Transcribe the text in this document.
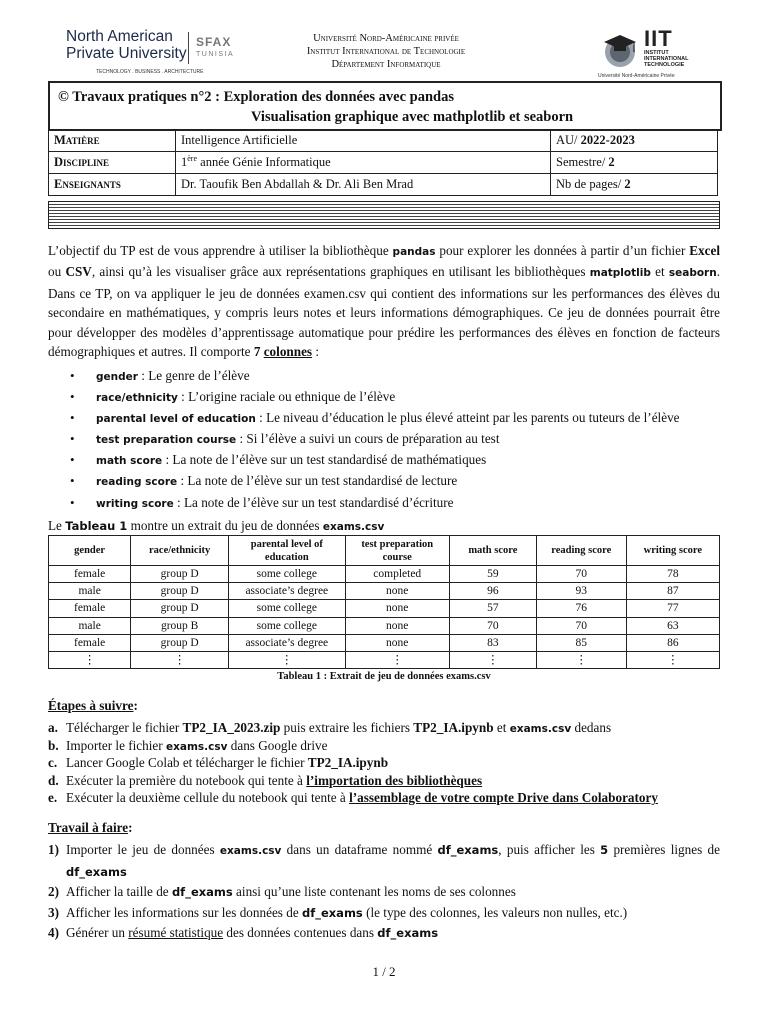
North American
Private University
SFAX
TUNISIA
TECHNOLOGY . BUSINESS . ARCHITECTURE
Université Nord-Américaine privée
Institut International de Technologie
Département Informatique
IIT
INSTITUT
INTERNATIONAL
TECHNOLOGIE
Université Nord-Américaine Privée
© Travaux pratiques n°2 : Exploration des données avec pandas
Visualisation graphique avec mathplotlib et seaborn
Matière	Intelligence Artificielle	AU/ 2022-2023
Discipline	1ère année Génie Informatique	Semestre/ 2
Enseignants	Dr. Taoufik Ben Abdallah & Dr. Ali Ben Mrad	Nb de pages/ 2

L’objectif du TP est de vous apprendre à utiliser la bibliothèque pandas pour explorer les données à partir d’un fichier Excel ou CSV, ainsi qu’à les visualiser grâce aux représentations graphiques en utilisant les bibliothèques matplotlib et seaborn. Dans ce TP, on va appliquer le jeu de données examen.csv qui contient des informations sur les performances des élèves du secondaire en mathématiques, y compris leurs notes et leurs informations démographiques. Ce jeu de données pourrait être pour développer des modèles d’apprentissage automatique pour prédire les performances des élèves en fonction de facteurs démographiques et autres. Il comporte 7 colonnes :

• gender : Le genre de l’élève
• race/ethnicity : L’origine raciale ou ethnique de l’élève
• parental level of education : Le niveau d’éducation le plus élevé atteint par les parents ou tuteurs de l’élève
• test preparation course : Si l’élève a suivi un cours de préparation au test
• math score : La note de l’élève sur un test standardisé de mathématiques
• reading score : La note de l’élève sur un test standardisé de lecture
• writing score : La note de l’élève sur un test standardisé d’écriture
Le Tableau 1 montre un extrait du jeu de données exams.csv
gender	race/ethnicity	parental level of education	test preparation course	math score	reading score	writing score
female	group D	some college	completed	59	70	78
male	group D	associate’s degree	none	96	93	87
female	group D	some college	none	57	76	77
male	group B	some college	none	70	70	63
female	group D	associate’s degree	none	83	85	86
⋮	⋮	⋮	⋮	⋮	⋮	⋮
Tableau 1 : Extrait de jeu de données exams.csv
Étapes à suivre:
a. Télécharger le fichier TP2_IA_2023.zip puis extraire les fichiers TP2_IA.ipynb et exams.csv dedans
b. Importer le fichier exams.csv dans Google drive
c. Lancer Google Colab et télécharger le fichier TP2_IA.ipynb
d. Exécuter la première du notebook qui tente à l’importation des bibliothèques
e. Exécuter la deuxième cellule du notebook qui tente à l’assemblage de votre compte Drive dans Colaboratory
Travail à faire:
1) Importer le jeu de données exams.csv dans un dataframe nommé df_exams, puis afficher les 5 premières lignes de df_exams
2) Afficher la taille de df_exams ainsi qu’une liste contenant les noms de ses colonnes
3) Afficher les informations sur les données de df_exams (le type des colonnes, les valeurs non nulles, etc.)
4) Générer un résumé statistique des données contenues dans df_exams
1 / 2
